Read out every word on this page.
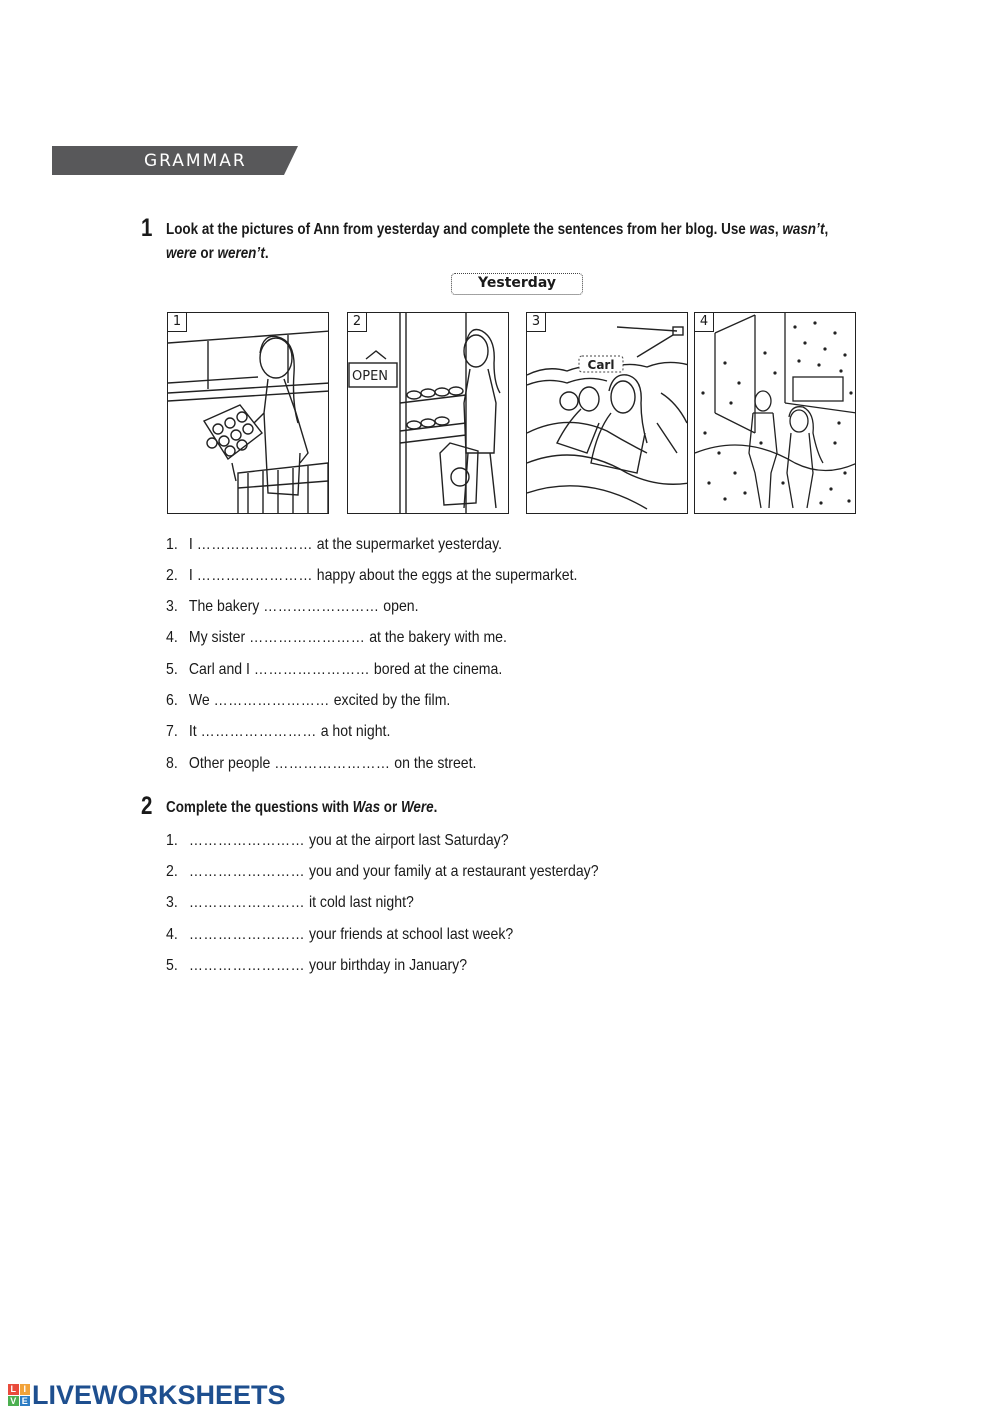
GRAMMAR
1 Look at the pictures of Ann from yesterday and complete the sentences from her blog. Use was, wasn’t,
were or weren’t.
Yesterday
1
OPEN
2
Carl
3	4
1. I …………………… at the supermarket yesterday.
2. I …………………… happy about the eggs at the supermarket.
3. The bakery …………………… open.
4. My sister …………………… at the bakery with me.
5. Carl and I …………………… bored at the cinema.
6. We …………………… excited by the film.
7. It …………………… a hot night.
8. Other people …………………… on the street.
2 Complete the questions with Was or Were.
1. …………………… you at the airport last Saturday?
2. …………………… you and your family at a restaurant yesterday?
3. …………………… it cold last night?
4. …………………… your friends at school last week?
5. …………………… your birthday in January?
L I
V E LIVEWORKSHEETS
